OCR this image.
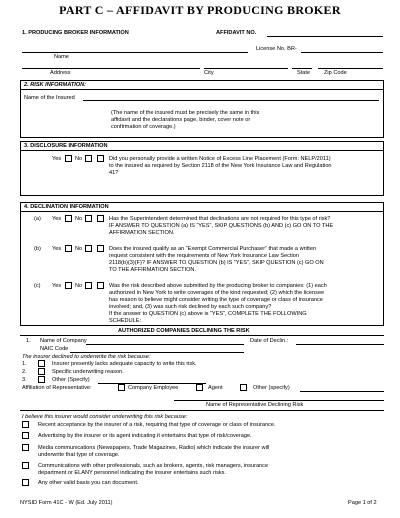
PART C – AFFIDAVIT BY PRODUCING BROKER
1. PRODUCING BROKER INFORMATION	AFFIDAVIT NO.
License No. BR-
Name
Address	City	State Zip Code
2. RISK INFORMATION:
Name of the Insured
(The name of the insured must be precisely the same in this
affidavit and the declarations page, binder, cover note or
confirmation of coverage.)
3. DISCLOSURE INFORMATION
Yes No	Did you personally provide a written Notice of Excess Line Placement (Form: NELP/2011)
to the insured as required by Section 2118 of the New York Insurance Law and Regulation
41?
4. DECLINATION INFORMATION
(a) Yes No	Has the Superintendent determined that declinations are not required for this type of risk?
IF ANSWER TO QUESTION (a) IS “YES”, SKIP QUESTIONS (b) AND (c) GO ON TO THE
AFFIRMATION SECTION.
(b) Yes No	Does the insured qualify as an “Exempt Commercial Purchaser” that made a written
request consistent with the requirements of New York Insurance Law Section
2118(b)(3)(F)? IF ANSWER TO QUESTION (b) IS “YES”, SKIP QUESTION (c) GO ON
TO THE AFFIRMATION SECTION.
(c) Yes No	Was the risk described above submitted by the producing broker to companies: (1) each
authorized in New York to write coverages of the kind requested; (2) which the licensee
has reason to believe might consider writing the type of coverage or class of insurance
involved; and, (3) was such risk declined by each such company?
If the answer to QUESTION (c) above is “YES”, COMPLETE THE FOLLOWING
SCHEDULE:
AUTHORIZED COMPANIES DECLINING THE RISK
1. Name of Company	Date of Declin.:
NAIC Code
The insurer declined to underwrite the risk because:
1.	Insurer presently lacks adequate capacity to write this risk.
2.	Specific underwriting reason.
3.	Other (Specify)
Affiliation of Representative:	Company Employee	Agent	Other (specify)
Name of Representative Declining Risk
I believe this insurer would consider underwriting this risk because:
Recent acceptance by the insurer of a risk, requiring that type of coverage or class of insurance.
Advertising by the insurer or its agent indicating it entertains that type of risk/coverage.
Media communications (Newspapers, Trade Magazines, Radio) which indicate the insurer will
underwrite that type of coverage.
Communications with other professionals, such as brokers, agents, risk managers, insurance
department or ELANY personnel indicating the insurer entertains such risks.
Any other valid basis you can document.
NYSID Form 41C - W (Ed. July 2011)	Page 1 of 2
